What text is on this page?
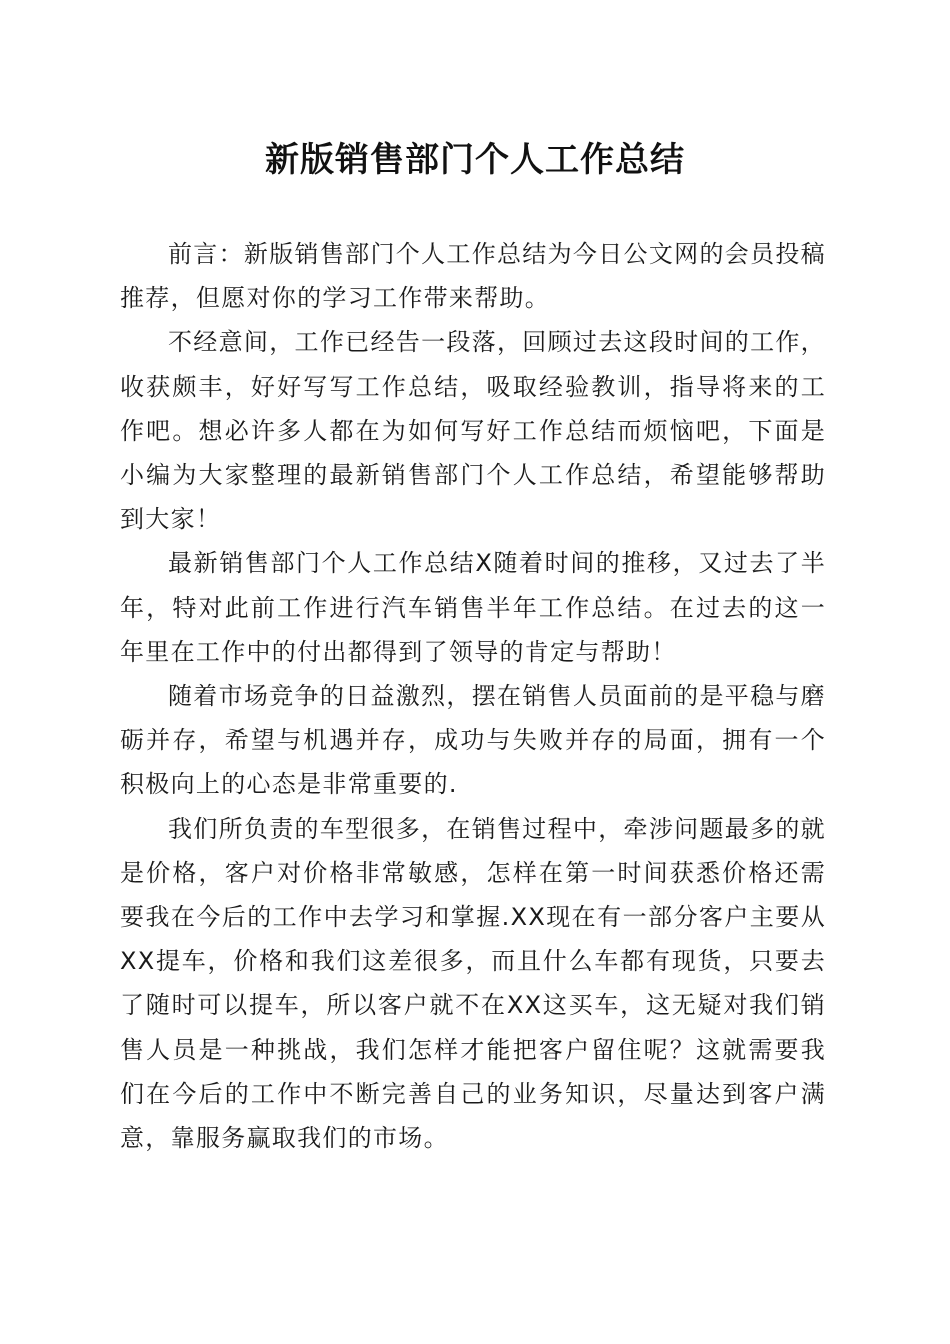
新版销售部门个人工作总结

前言：新版销售部门个人工作总结为今日公文网的会员投稿推荐，但愿对你的学习工作带来帮助。

不经意间，工作已经告一段落，回顾过去这段时间的工作，收获颇丰，好好写写工作总结，吸取经验教训，指导将来的工作吧。想必许多人都在为如何写好工作总结而烦恼吧，下面是小编为大家整理的最新销售部门个人工作总结，希望能够帮助到大家！

最新销售部门个人工作总结X随着时间的推移，又过去了半年，特对此前工作进行汽车销售半年工作总结。在过去的这一年里在工作中的付出都得到了领导的肯定与帮助！

随着市场竞争的日益激烈，摆在销售人员面前的是平稳与磨砺并存，希望与机遇并存，成功与失败并存的局面，拥有一个积极向上的心态是非常重要的.

我们所负责的车型很多，在销售过程中，牵涉问题最多的就是价格，客户对价格非常敏感，怎样在第一时间获悉价格还需要我在今后的工作中去学习和掌握.XX现在有一部分客户主要从XX提车，价格和我们这差很多，而且什么车都有现货，只要去了随时可以提车，所以客户就不在XX这买车，这无疑对我们销售人员是一种挑战，我们怎样才能把客户留住呢？这就需要我们在今后的工作中不断完善自己的业务知识，尽量达到客户满意，靠服务赢取我们的市场。
